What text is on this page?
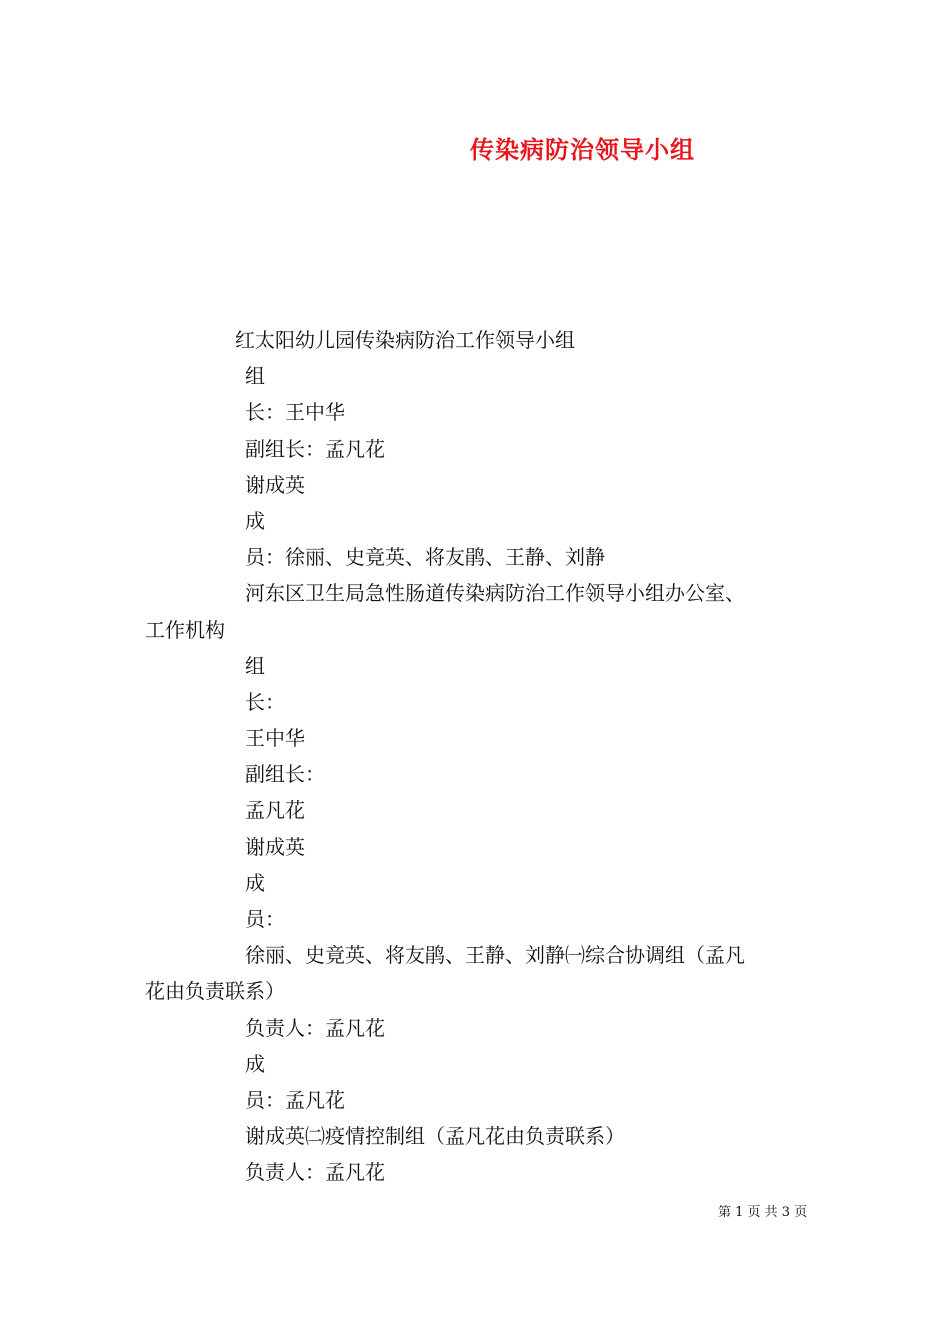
传染病防治领导小组
红太阳幼儿园传染病防治工作领导小组
组
长：王中华
副组长：孟凡花
谢成英
成
员：徐丽、史竟英、将友鹃、王静、刘静
河东区卫生局急性肠道传染病防治工作领导小组办公室、
工作机构
组
长：
王中华
副组长：
孟凡花
谢成英
成
员：
徐丽、史竟英、将友鹃、王静、刘静㈠综合协调组（孟凡
花由负责联系）
负责人：孟凡花
成
员：孟凡花
谢成英㈡疫情控制组（孟凡花由负责联系）
负责人：孟凡花
第 1 页 共 3 页
